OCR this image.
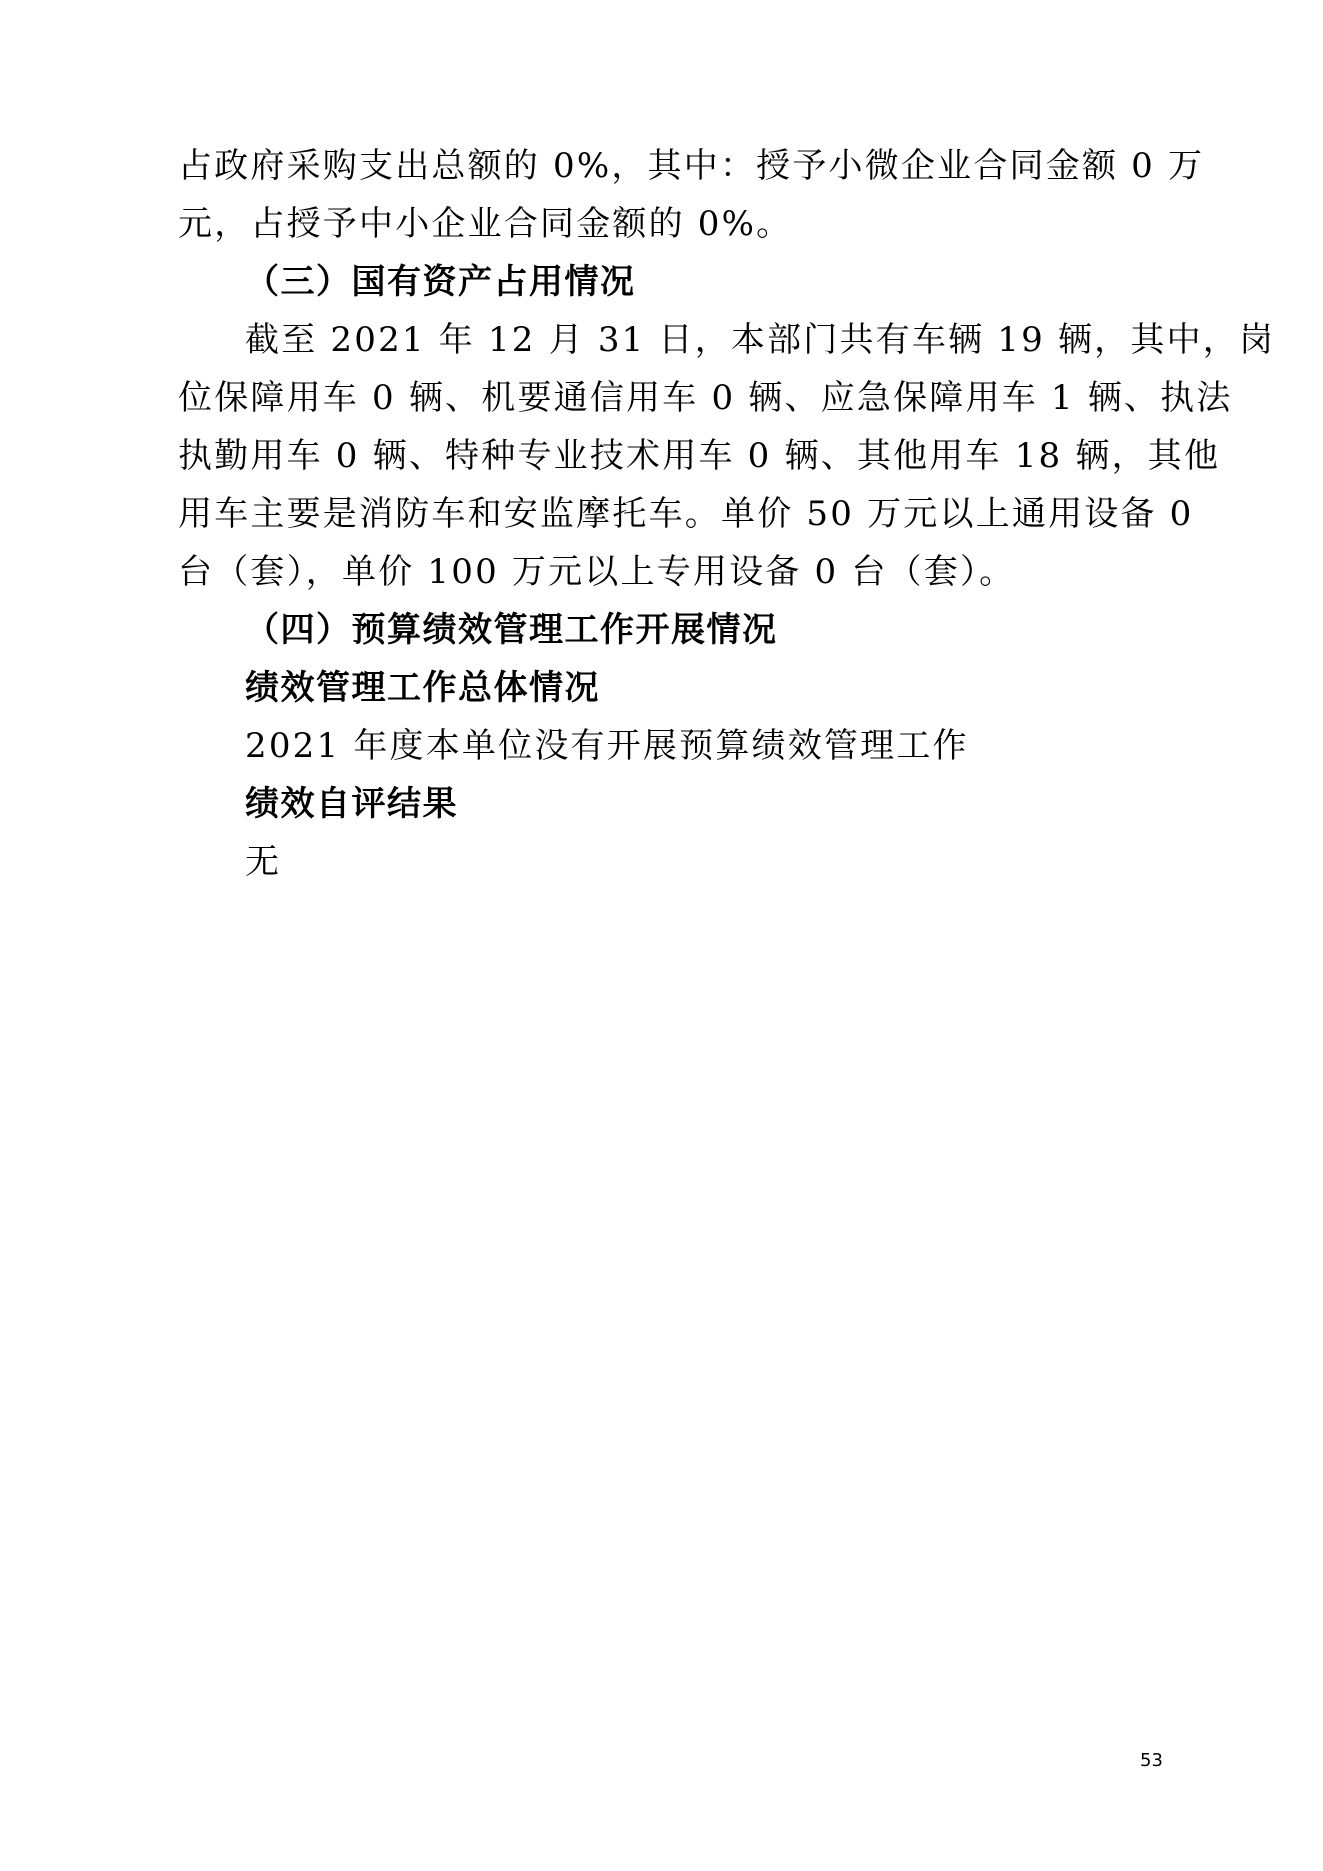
占政府采购支出总额的 0%，其中：授予小微企业合同金额 0 万
元，占授予中小企业合同金额的 0%。
（三）国有资产占用情况
截至 2021 年 12 月 31 日，本部门共有车辆 19 辆，其中，岗
位保障用车 0 辆、机要通信用车 0 辆、应急保障用车 1 辆、执法
执勤用车 0 辆、特种专业技术用车 0 辆、其他用车 18 辆，其他
用车主要是消防车和安监摩托车。单价 50 万元以上通用设备 0
台（套），单价 100 万元以上专用设备 0 台（套）。
（四）预算绩效管理工作开展情况
绩效管理工作总体情况
2021 年度本单位没有开展预算绩效管理工作
绩效自评结果
无
53
